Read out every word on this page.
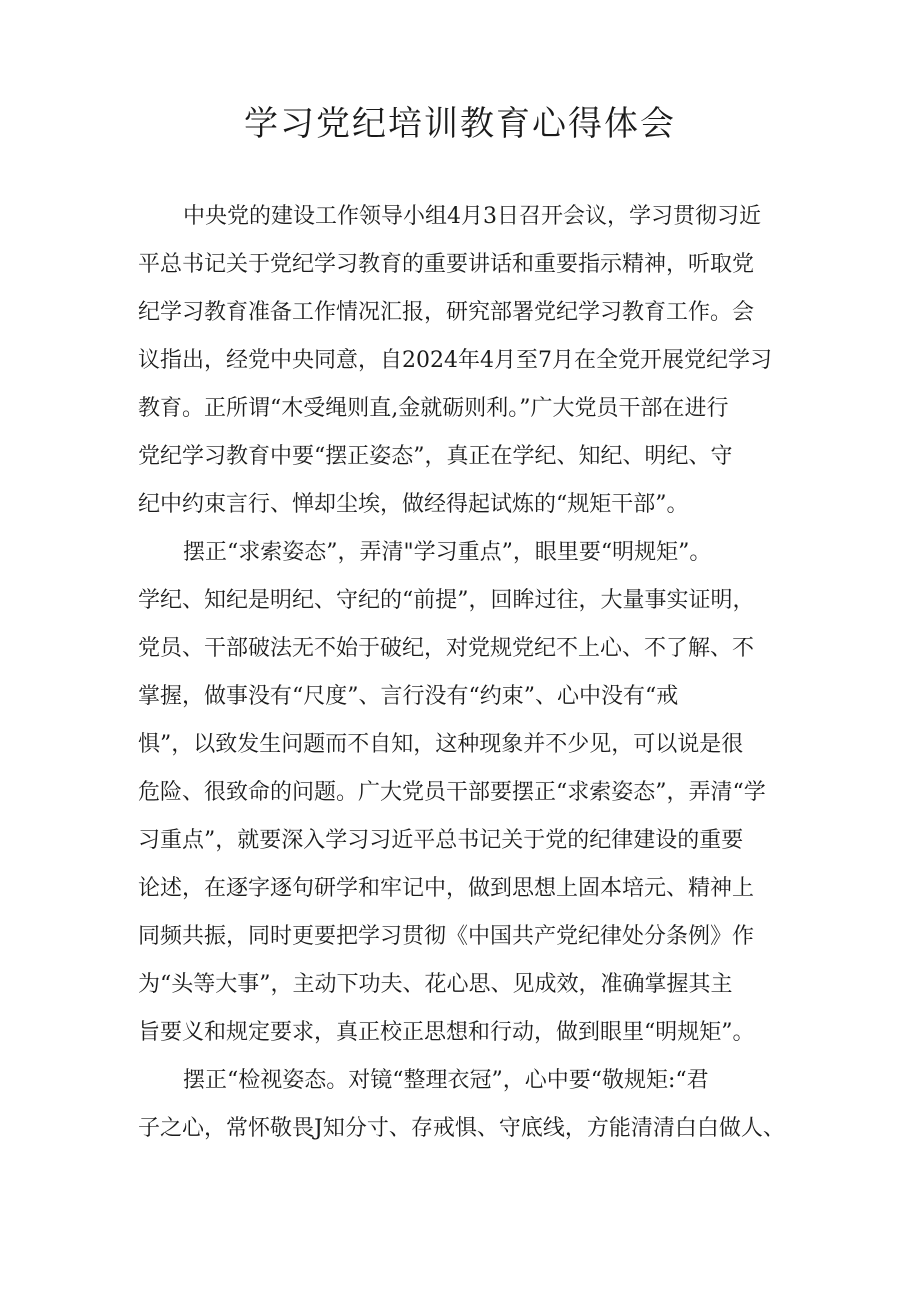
学习党纪培训教育心得体会

中央党的建设工作领导小组4月3日召开会议，学习贯彻习近

平总书记关于党纪学习教育的重要讲话和重要指示精神，听取党

纪学习教育准备工作情况汇报，研究部署党纪学习教育工作。会

议指出，经党中央同意，自2024年4月至7月在全党开展党纪学习

教育。正所谓“木受绳则直,金就砺则利。”广大党员干部在进行

党纪学习教育中要“摆正姿态”，真正在学纪、知纪、明纪、守

纪中约束言行、惮却尘埃，做经得起试炼的“规矩干部”。

摆正“求索姿态”，弄清"学习重点”，眼里要“明规矩”。

学纪、知纪是明纪、守纪的“前提”，回眸过往，大量事实证明，

党员、干部破法无不始于破纪，对党规党纪不上心、不了解、不

掌握，做事没有“尺度”、言行没有“约束”、心中没有“戒

惧”，以致发生问题而不自知，这种现象并不少见，可以说是很

危险、很致命的问题。广大党员干部要摆正“求索姿态”，弄清“学

习重点”，就要深入学习习近平总书记关于党的纪律建设的重要

论述，在逐字逐句研学和牢记中，做到思想上固本培元、精神上

同频共振，同时更要把学习贯彻《中国共产党纪律处分条例》作

为“头等大事”，主动下功夫、花心思、见成效，准确掌握其主

旨要义和规定要求，真正校正思想和行动，做到眼里“明规矩”。

摆正“检视姿态。对镜“整理衣冠”，心中要“敬规矩:“君

子之心，常怀敬畏J知分寸、存戒惧、守底线，方能清清白白做人、
